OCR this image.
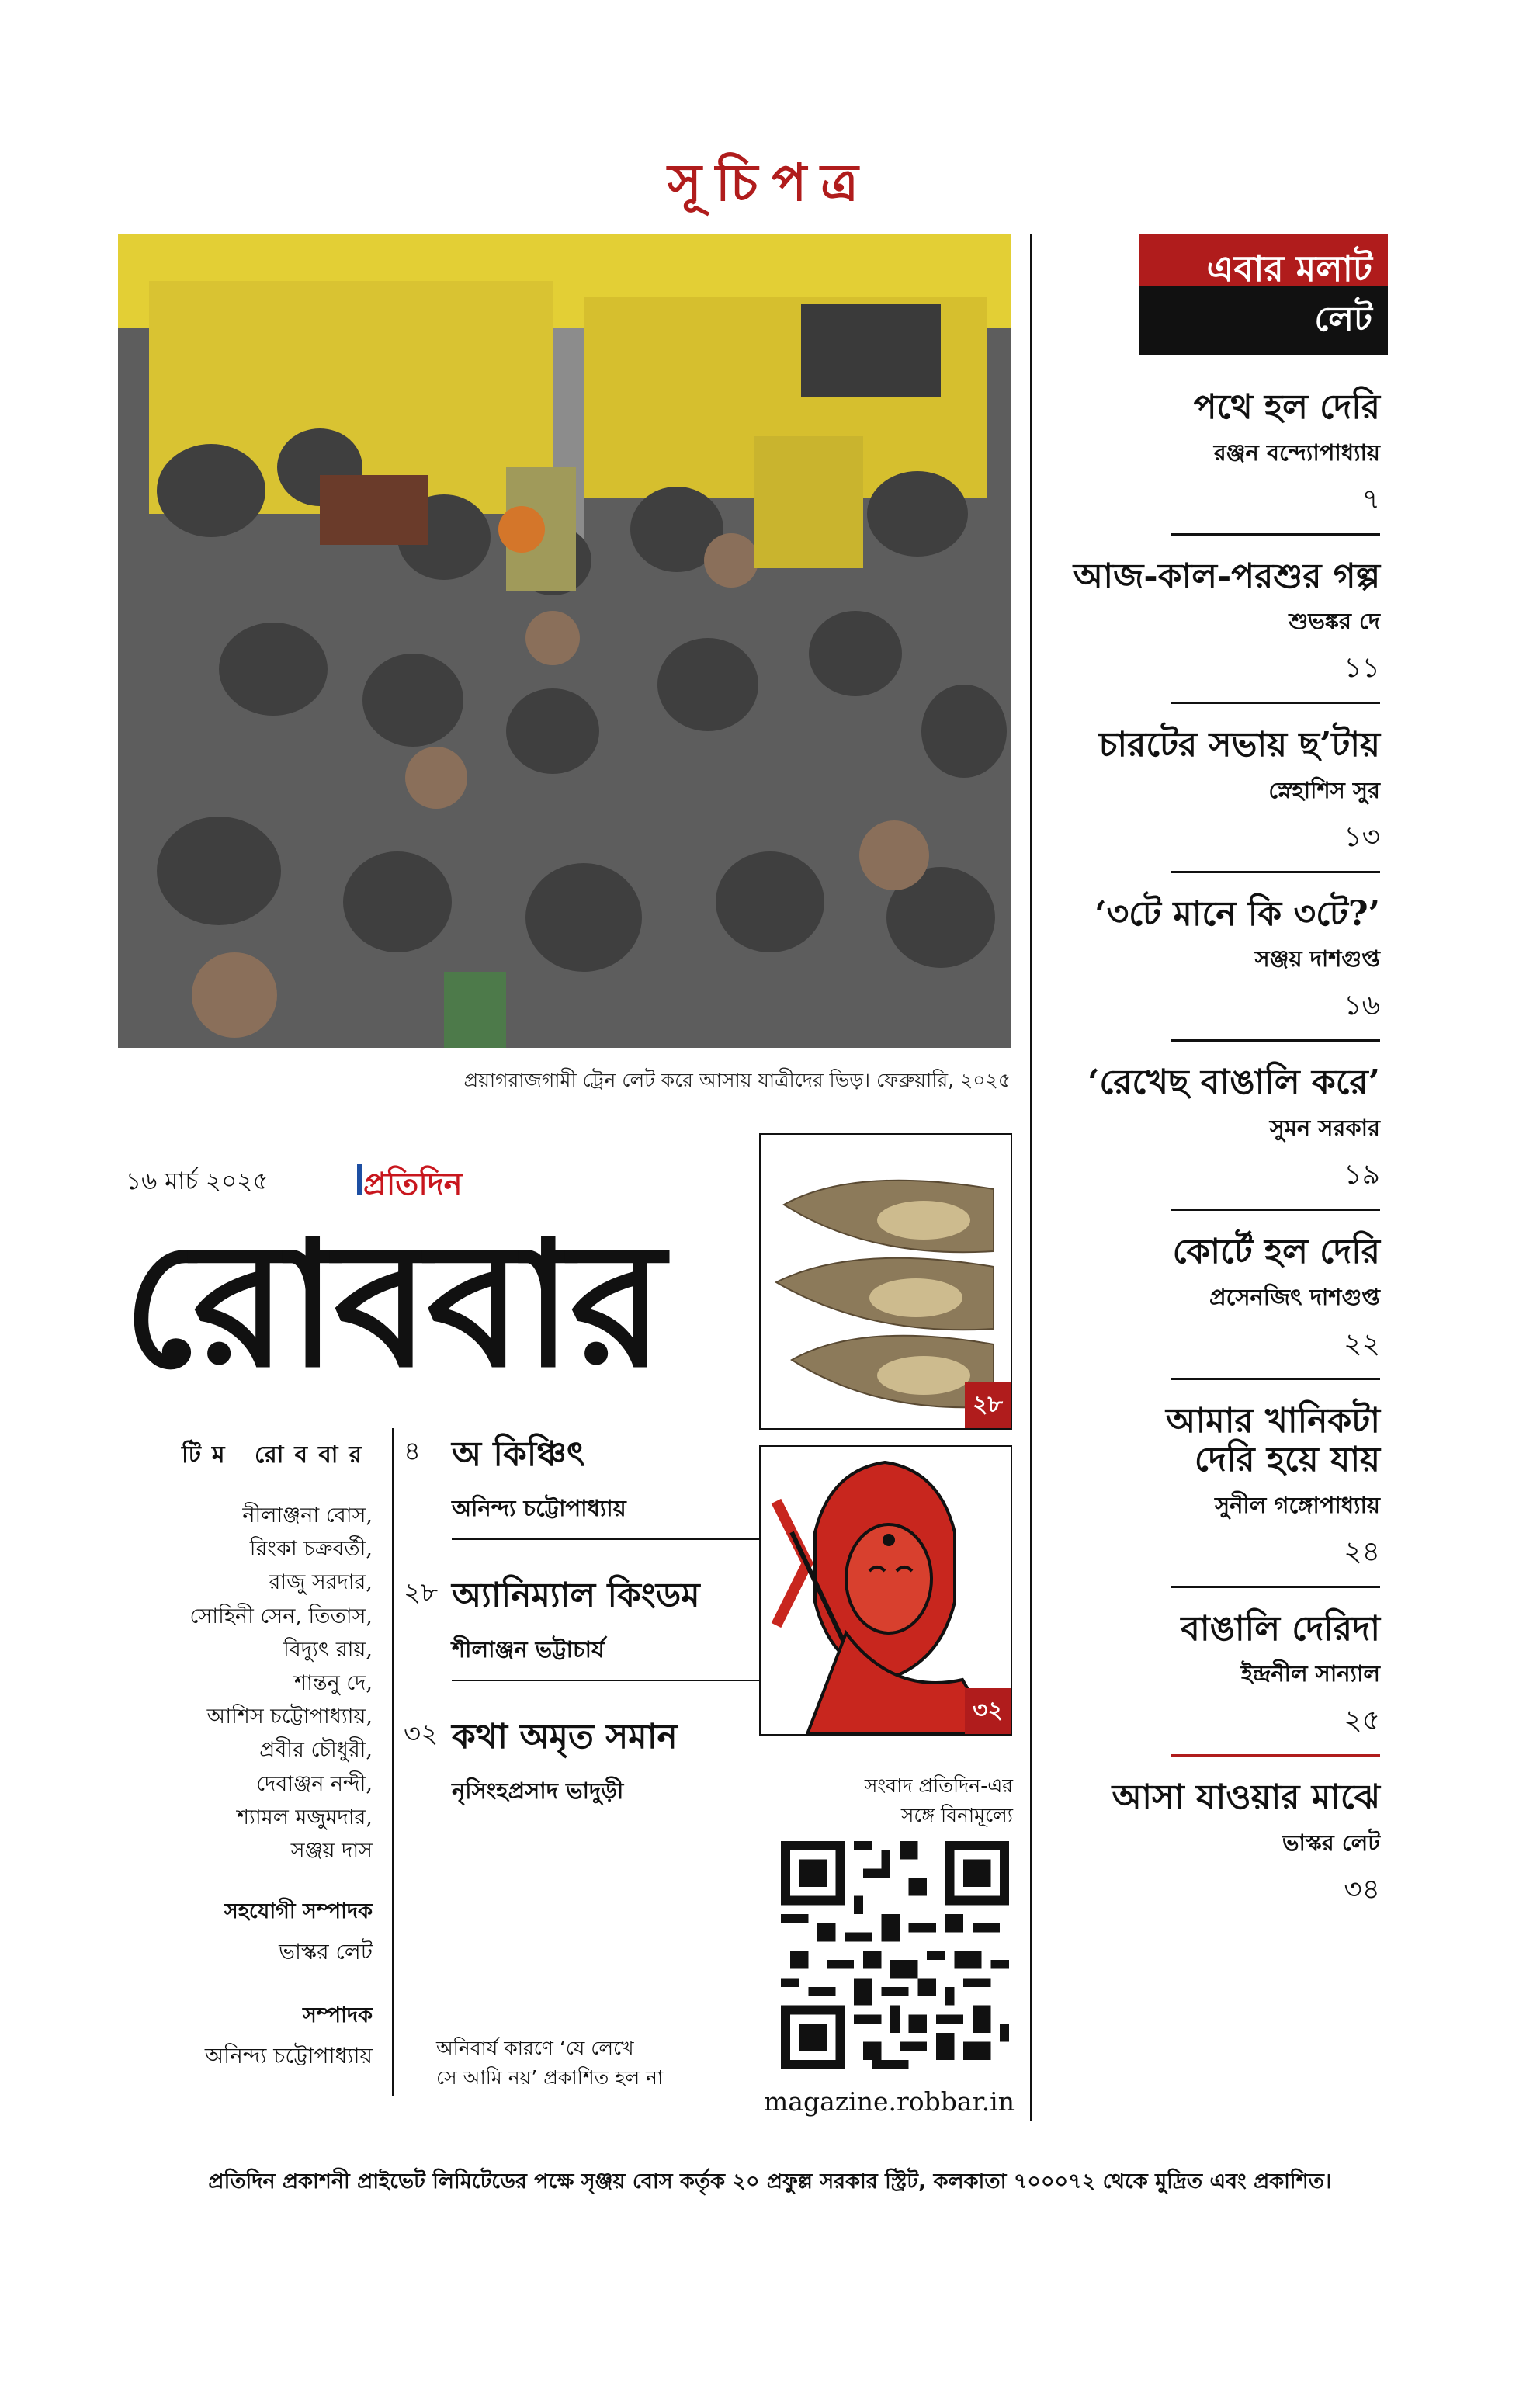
সূচিপত্র
প্রয়াগরাজগামী ট্রেন লেট করে আসায় যাত্রীদের ভিড়। ফেব্রুয়ারি, ২০২৫
এবার মলাট
লেট
পথে হল দেরি
রঞ্জন বন্দ্যোপাধ্যায়
৭
আজ-কাল-পরশুর গল্প
শুভঙ্কর দে
১১
চারটের সভায় ছ’টায়
স্নেহাশিস সুর
১৩
‘৩টে মানে কি ৩টে?’
সঞ্জয় দাশগুপ্ত
১৬
‘রেখেছ বাঙালি করে’
সুমন সরকার
১৯
কোর্টে হল দেরি
প্রসেনজিৎ দাশগুপ্ত
২২
আমার খানিকটা
দেরি হয়ে যায়
সুনীল গঙ্গোপাধ্যায়
২৪
বাঙালি দেরিদা
ইন্দ্রনীল সান্যাল
২৫
আসা যাওয়ার মাঝে
ভাস্কর লেট
৩৪
১৬ মার্চ ২০২৫	প্রতিদিন
রোববার
টিম রোববার
নীলাঞ্জনা বোস,
রিংকা চক্রবর্তী,
রাজু সরদার,
সোহিনী সেন, তিতাস,
বিদ্যুৎ রায়,
শান্তনু দে,
আশিস চট্টোপাধ্যায়,
প্রবীর চৌধুরী,
দেবাঞ্জন নন্দী,
শ্যামল মজুমদার,
সঞ্জয় দাস
সহযোগী সম্পাদক
ভাস্কর লেট
সম্পাদক
অনিন্দ্য চট্টোপাধ্যায়
৪ অ কিঞ্চিৎ
অনিন্দ্য চট্টোপাধ্যায়
২৮ অ্যানিম্যাল কিংডম
শীলাঞ্জন ভট্টাচার্য
৩২ কথা অমৃত সমান
নৃসিংহপ্রসাদ ভাদুড়ী
অনিবার্য কারণে ‘যে লেখে
সে আমি নয়’ প্রকাশিত হল না
২৮
৩২
সংবাদ প্রতিদিন-এর
সঙ্গে বিনামূল্যে
magazine.robbar.in
প্রতিদিন প্রকাশনী প্রাইভেট লিমিটেডের পক্ষে সৃঞ্জয় বোস কর্তৃক ২০ প্রফুল্ল সরকার স্ট্রিট, কলকাতা ৭০০০৭২ থেকে মুদ্রিত এবং প্রকাশিত।
